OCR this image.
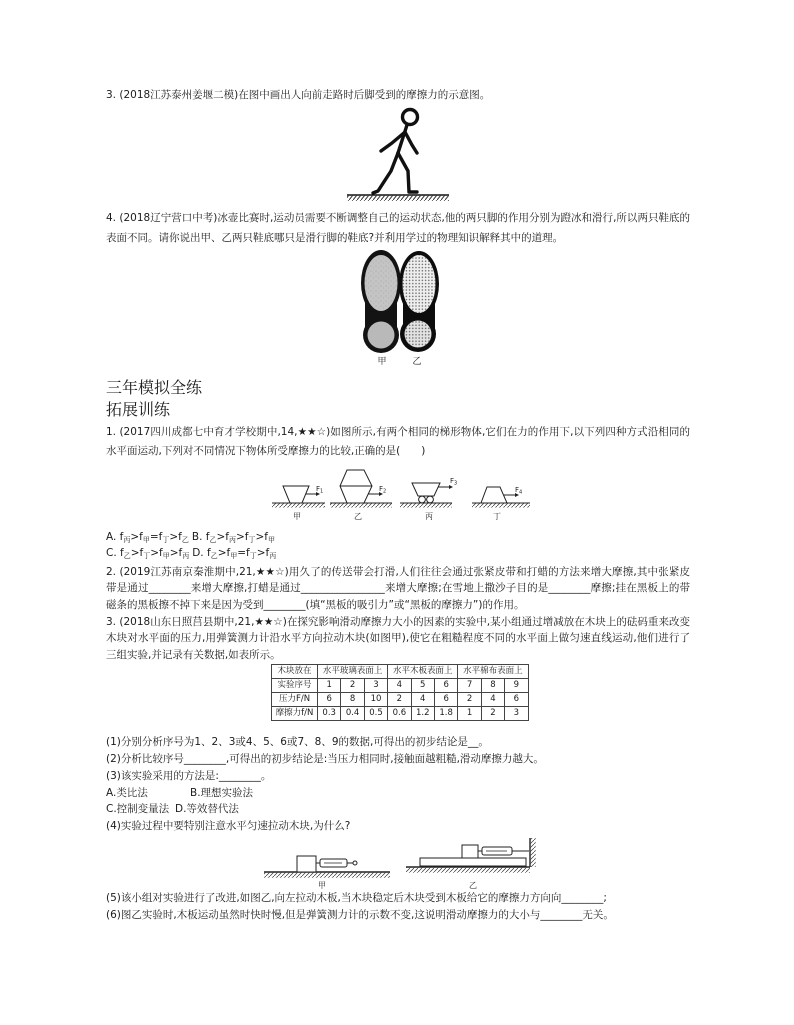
3. (2018江苏泰州姜堰二模)在图中画出人向前走路时后脚受到的摩擦力的示意图。

4. (2018辽宁营口中考)冰壶比赛时,运动员需要不断调整自己的运动状态,他的两只脚的作用分别为蹬冰和滑行,所以两只鞋底的表面不同。请你说出甲、乙两只鞋底哪只是滑行脚的鞋底?并利用学过的物理知识解释其中的道理。

甲	乙
三年模拟全练
拓展训练

1. (2017四川成都七中育才学校期中,14,★★☆)如图所示,有两个相同的梯形物体,它们在力的作用下,以下列四种方式沿相同的水平面运动,下列对不同情况下物体所受摩擦力的比较,正确的是(　　)

$F_1$	$F_2$
$F_3$
$F_4$
甲	乙	丙	丁
A. $f_丙>f_甲=f_丁>f_乙$ B. $f_乙>f_丙>f_丁>f_甲$
C. $f_乙>f_丁>f_甲>f_丙$ D. $f_乙>f_甲=f_丁>f_丙$

2. (2019江苏南京秦淮期中,21,★★☆)用久了的传送带会打滑,人们往往会通过张紧皮带和打蜡的方法来增大摩擦,其中张紧皮带是通过________来增大摩擦,打蜡是通过________________来增大摩擦;在雪地上撒沙子目的是________摩擦;挂在黑板上的带磁条的黑板擦不掉下来是因为受到________(填“黑板的吸引力”或“黑板的摩擦力”)的作用。

3. (2018山东日照莒县期中,21,★★☆)在探究影响滑动摩擦力大小的因素的实验中,某小组通过增减放在木块上的砝码重来改变木块对水平面的压力,用弹簧测力计沿水平方向拉动木块(如图甲),使它在粗糙程度不同的水平面上做匀速直线运动,他们进行了三组实验,并记录有关数据,如表所示。

木块放在	水平玻璃表面上			水平木板表面上			水平棉布表面上		
实验序号	1	2	3	4	5	6	7	8	9
压力F/N	6	8	10	2	4	6	2	4	6
摩擦力f/N	0.3	0.4	0.5	0.6	1.2	1.8	1	2	3

(1)分别分析序号为1、2、3或4、5、6或7、8、9的数据,可得出的初步结论是__。

(2)分析比较序号________,可得出的初步结论是:当压力相同时,接触面越粗糙,滑动摩擦力越大。

(3)该实验采用的方法是:________。

A.类比法	B.理想实验法
C.控制变量法 D.等效替代法

(4)实验过程中要特别注意水平匀速拉动木块,为什么?

甲	乙

(5)该小组对实验进行了改进,如图乙,向左拉动木板,当木块稳定后木块受到木板给它的摩擦力方向向________;

(6)图乙实验时,木板运动虽然时快时慢,但是弹簧测力计的示数不变,这说明滑动摩擦力的大小与________无关。
